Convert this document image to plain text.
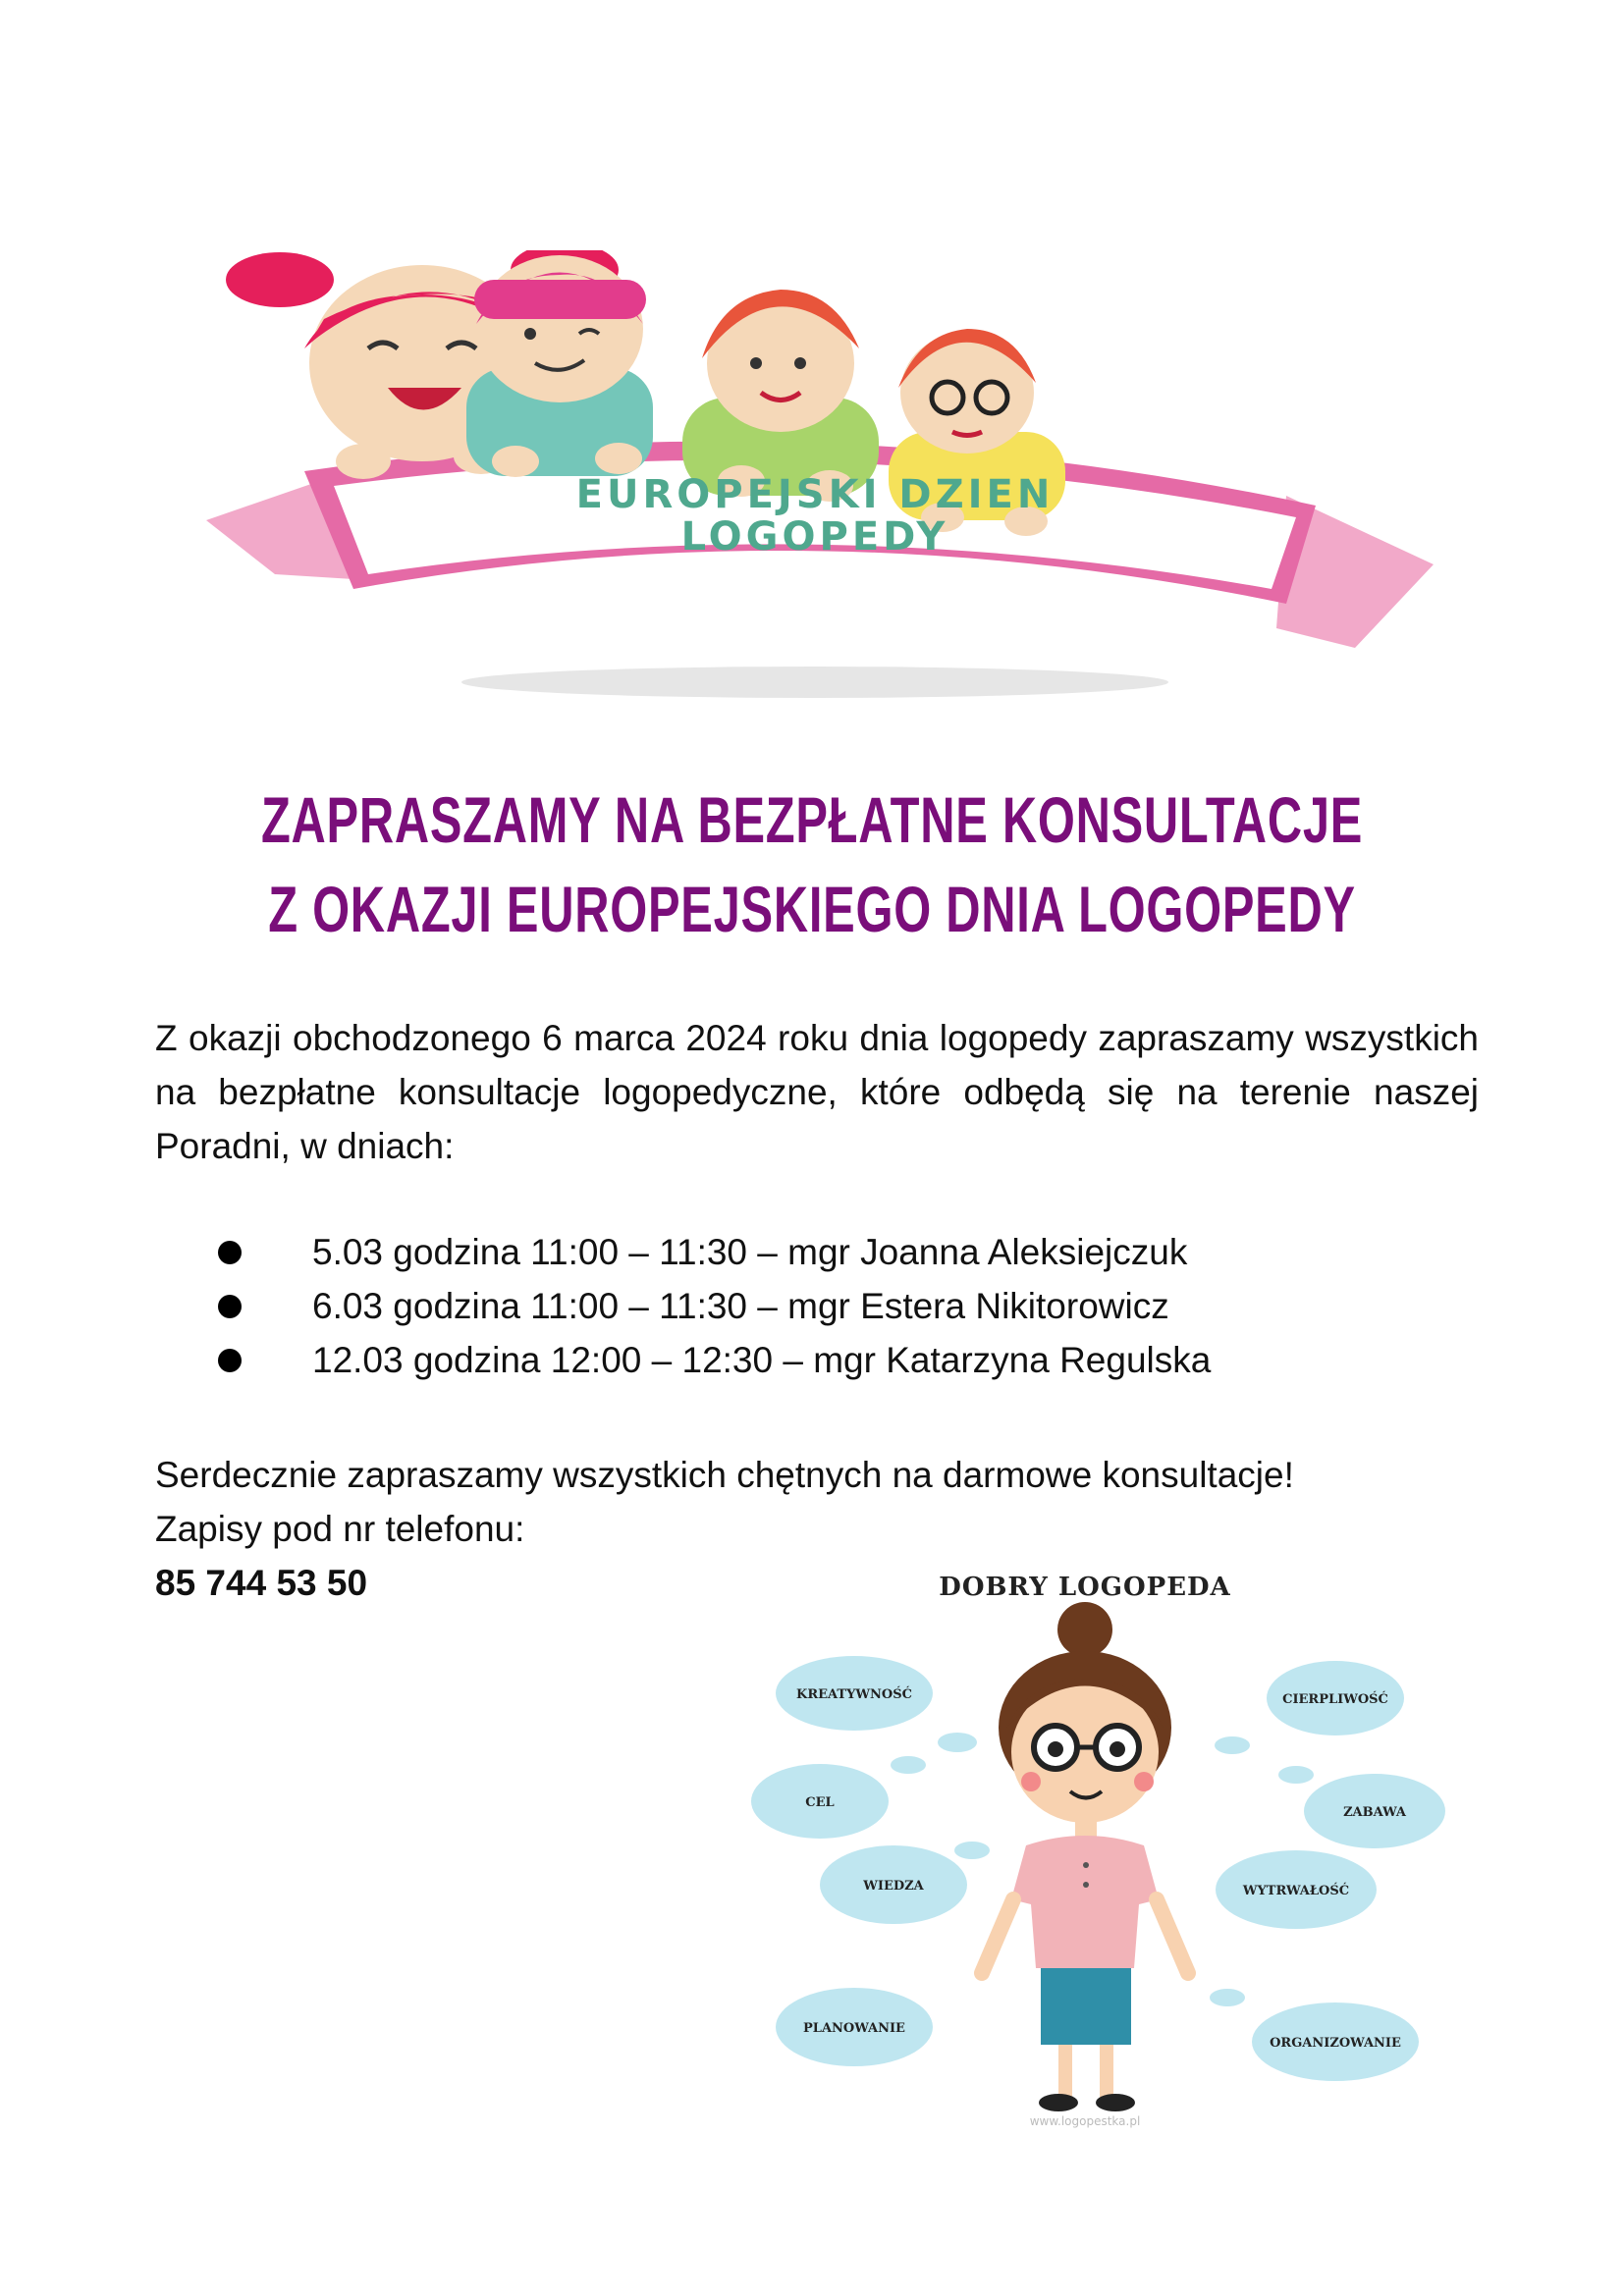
EUROPEJSKI DZIEN
LOGOPEDY
ZAPRASZAMY NA BEZPŁATNE KONSULTACJE
Z OKAZJI EUROPEJSKIEGO DNIA LOGOPEDY
Z okazji obchodzonego 6 marca 2024 roku dnia logopedy zapraszamy wszystkich na bezpłatne konsultacje logopedyczne, które odbędą się na terenie naszej Poradni, w dniach:
5.03 godzina 11:00 – 11:30 – mgr Joanna Aleksiejczuk
6.03 godzina 11:00 – 11:30 – mgr Estera Nikitorowicz
12.03 godzina 12:00 – 12:30 – mgr Katarzyna Regulska
Serdecznie zapraszamy wszystkich chętnych na darmowe konsultacje!
Zapisy pod nr telefonu:
85 744 53 50	DOBRY LOGOPEDA
KREATYWNOŚĆ	CIERPLIWOŚĆ
CEL
ZABAWA
WIEDZA	WYTRWAŁOŚĆ
PLANOWANIE
ORGANIZOWANIE
www.logopestka.pl
